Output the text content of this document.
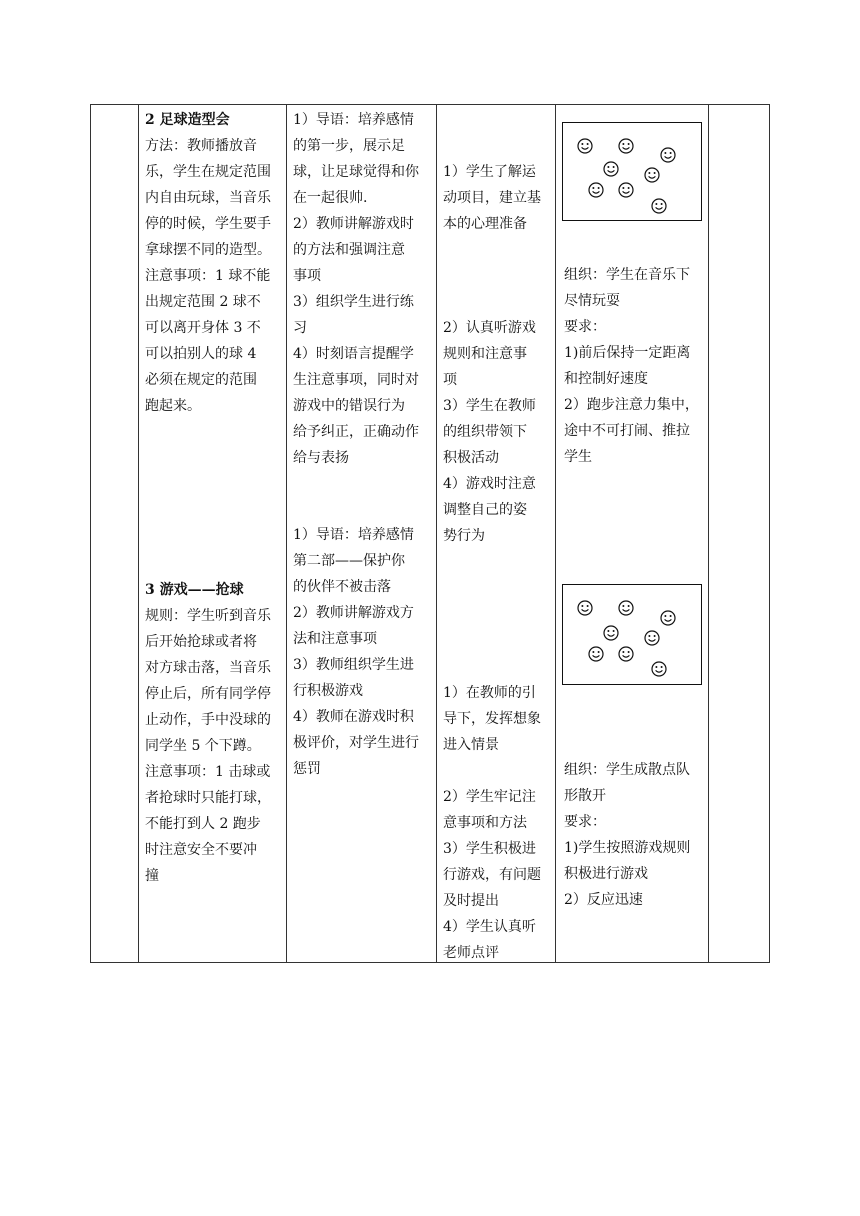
2 足球造型会

方法：教师播放音

乐，学生在规定范围

内自由玩球，当音乐

停的时候，学生要手

拿球摆不同的造型。

注意事项：1 球不能

出规定范围 2 球不

可以离开身体 3 不

可以拍别人的球 4

必须在规定的范围

跑起来。

3 游戏——抢球

规则：学生听到音乐

后开始抢球或者将

对方球击落，当音乐

停止后，所有同学停

止动作，手中没球的

同学坐 5 个下蹲。

注意事项：1 击球或

者抢球时只能打球，

不能打到人 2 跑步

时注意安全不要冲

撞

1）导语：培养感情

的第一步，展示足

球，让足球觉得和你

在一起很帅.

2）教师讲解游戏时

的方法和强调注意

事项

3）组织学生进行练

习

4）时刻语言提醒学

生注意事项，同时对

游戏中的错误行为

给予纠正，正确动作

给与表扬

1）导语：培养感情

第二部——保护你

的伙伴不被击落

2）教师讲解游戏方

法和注意事项

3）教师组织学生进

行积极游戏

4）教师在游戏时积

极评价，对学生进行

惩罚

1）学生了解运

动项目，建立基

本的心理准备

2）认真听游戏

规则和注意事

项

3）学生在教师

的组织带领下

积极活动

4）游戏时注意

调整自己的姿

势行为

1）在教师的引

导下，发挥想象

进入情景

2）学生牢记注

意事项和方法

3）学生积极进

行游戏，有问题

及时提出

4）学生认真听

老师点评

组织：学生在音乐下

尽情玩耍

要求：

1)前后保持一定距离

和控制好速度

2）跑步注意力集中，

途中不可打闹、推拉

学生

组织：学生成散点队

形散开

要求：

1)学生按照游戏规则

积极进行游戏

2）反应迅速
